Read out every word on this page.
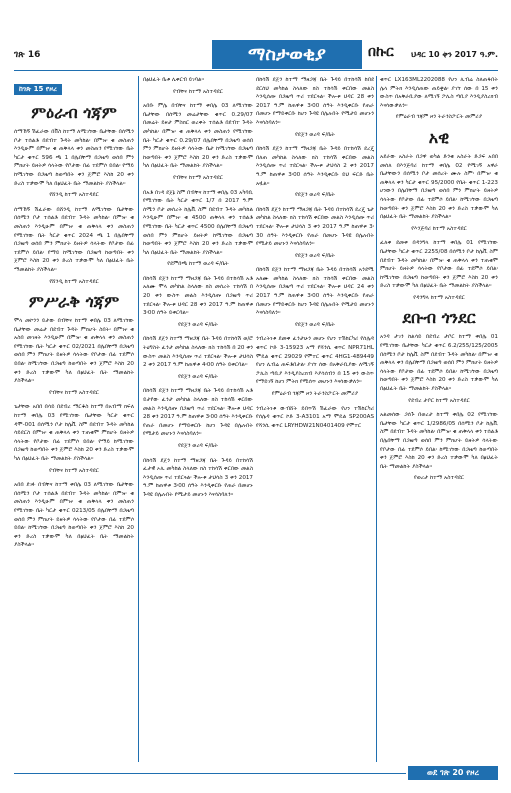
ገጽ 16	ማስታወቂያ	በኩር ህዳር 10 ቀን 2017 ዓ.ም.
ከገጽ 15 የዞረ
ምዕራብ ጎጃም

ሰማኸኝ ሽፈራው በቨስ ከተማ ለሚገኘው ቤታቸው በሰሚን ቦታ ተሰልቶ በደብተ ጉዳት መካከል፡ በምዝ፡ ቁ መስጠን እንዲሁም በምዝ፡ ቁ ጠቅላላ ቀን መስጠን የሚገኘው ቤት ካርታ ቁጥር 596 ጫ 1 በሌበቸማ በጋዜጣ ወሰበ ምን ምክሆት ይዘትዎ ሳላትው የቦታው በፊ ተደምሶ ይበል፡ የማይ ከሚገኘው በጋዜጣ ከወጣበት ቀን ጀምሮ እስከ 20 ቀን ድረስ ተቃውሞ ካለ በፅህፈት ቤት ማመልከት ያስችላል፡፡

የሸንዲ ከተማ አስተዳደር

ሰማኸኝ ሽፈራው በሸንዲ ከተማ ለሚገኘው ቤታቸው በሰሚን ቦታ ተሰልቶ በደብተ ጉዳት መካከል፡ በምዝ፡ ቁ መስጠን እንዲሁም በምዝ፡ ቁ ጠቅላላ ቀን መስጠን የሚገኘው ቤት ካርታ ቁጥር 2024 ጫ 1 በሌበቸማ በጋዜጣ ወሰበ ምን ምክሆት ይዘትዎ ሳላትው የቦታው በፊ ተደምሶ ይበል፡ የማይ ከሚገኘው በጋዜጣ ከወጣበት ቀን ጀምሮ እስከ 20 ቀን ድረስ ተቃውሞ ካለ በፅህፈት ቤት ማመልከት ያስችላል፡፡

የሸንዲ ከተማ አስተዳደር
ምሥራቅ ጎጃም

ሞላ መኮንን ይታው በብቸና ከተማ ቀበሌ 03 ለሚገኘው ቤታቸው መሬታ በደብተ ጉዳት ምክሆት ስበት፡ በምዝ፡ ቁ አስበ መገዛት እንዲሁም በምዝ፡ ቁ ጠቅላላ ቀን መስጠን የሚገኘው ቤት ካርታ ቁጥር 02/2021 በሌበቸማ በጋዜጣ ወሰበ ምን ምክሆት ይዘትዎ ሳላትው የቦታው በፊ ተደምሶ ይበል፡ ከሚገኘው በጋዜጣ ከወጣበት ቀን ጀምሮ እስከ 20 ቀን ድረስ ተቃውሞ ካለ በፅህፈት ቤት ማመልከት ያስችላል፡፡

የብቸና ከተማ አስተዳደር

ጌታቸው አበበ በሳይ በደብረ ማርቆስ ከተማ በአብማ ክፍለ ከተማ ቀበሌ 03 የሚገኘው ቤታቸው ካርታ ቁጥር ዳሞ-001 በሰሚን ቦታ ከሌቪ ስም በደብተ ጉዳት መካከል ሳይደርስ በምዝ፡ ቁ ጠቅላላ ቀን ተጠቁሞ ምክሆት ይዘትዎ ሳላትው የቦታው በፊ ተደምሶ ይበል፡ የማይ ከሚገኘው በጋዜጣ ከወጣበት ቀን ጀምሮ እስከ 20 ቀን ድረስ ተቃውሞ ካለ በፅህፈት ቤት ማመልከት ያስችላል፡፡

የብቸና ከተማ አስተዳደር

አበበ ደገፉ በብቸና ከተማ ቀበሌ 03 ለሚገኘው ቤታቸው በሰሚን ቦታ ተሰልቶ በደብተ ጉዳት መካከል፡ በምዝ፡ ቁ መስጠን እንዲሁም በምዝ፡ ቁ ጠቅላላ ቀን መስጠን የሚገኘው ቤት ካርታ ቁጥር 0213/05 በሌበቸማ በጋዜጣ ወሰበ ምን ምክሆት ይዘትዎ ሳላትው የቦታው በፊ ተደምሶ ይበል፡ ከሚገኘው በጋዜጣ ከወጣበት ቀን ጀምሮ እስከ 20 ቀን ድረስ ተቃውሞ ካለ በፅህፈት ቤት ማመልከት ያስችላል፡፡

በፅህፈት ቤቱ ሊቀርብ ይገባል፡፡

የብቸና ከተማ አስተዳደር

አበቡ ምሌ በብቸና ከተማ ቀበሌ 03 ለሚገኘው ቤታቸው በሰሚን መሬታቸው ቁጥር 0.29/07 በመሬት ይዞታ ምስክር ወረቀት ተሰልቶ በደብተ ጉዳት መካከል፡ በምዝ፡ ቁ ጠቅላላ ቀን መስጠን የሚገኘው ቤት ካርታ ቁጥር 0.29/07 በሌበቸማ በጋዜጣ ወሰበ ምን ምክሆት ይዘትዎ ሳላትው ቤታ ከሚገኘው በጋዜጣ ከወጣበት ቀን ጀምሮ እስከ 20 ቀን ድረስ ተቃውሞ ካለ በፅህፈት ቤት ማመልከት ያስችላል፡፡

የብቸና ከተማ አስተዳደር

በአቶ በገዳ ደጀኔ ስም በብቸና ከተማ ቀበሌ 03 አካባቢ የሚገኘው ቤት ካርታ ቁጥር 1/7 በ 2017 ዓ.ም ሰሚን ቦታ መሰረት ከሌቪ ስም በደብተ ጉዳት መካከል እንዲሁም በምዝ፡ ቁ 4500 ጠቅላላ ቀን ተሰልቶ የሚገኘው ቤት ካርታ ቁጥር 4500 በሌበቸማ በጋዜጣ ወሰበ ምን ምክሆት ይዘትዎ ከሚገኘው በጋዜጣ ከወጣበት ቀን ጀምሮ እስከ 20 ቀን ድረስ ተቃውሞ ካለ በፅህፈት ቤት ማመልከት ያስችላል፡፡

የደምበጫ ከተማ ወረዳ ፍ/ቤት

በከሳሽ ደጀን ከተማ ማዘጋጃ ቤት ጉዳይ በተከሳሽ አቶ አለሙ ሞላ መካከል ስላለው ክስ መሰረት ተከሳሽ በ 20 ቀን ውስጥ መልስ እንዲሰጡ በጋዜጣ ጥሪ ተደርጓል፡ ችሎቱ ህዳር 28 ቀን 2017 ዓ.ም ከጠዋቱ 3፡00 ሰዓት ይቀርባል፡፡

የደጀን ወረዳ ፍ/ቤት

በከሳሽ ደጀን ከተማ ማዘጋጃ ቤት ጉዳይ በተከሳሽ ወ/ሮ ትዕግስት ፈንታ መካከል ስላለው ክስ ተከሳሽ በ 20 ቀን ውስጥ መልስ እንዲሰጡ ጥሪ ተደርጓል፡ ችሎቱ ታህሳስ 2 ቀን 2017 ዓ.ም ከጠዋቱ 4፡00 ሰዓት ይቀርባል፡፡

የደጀን ወረዳ ፍ/ቤት

በከሳሽ ደጀን ከተማ ማዘጋጃ ቤት ጉዳይ በተከሳሽ አቶ ይታየው ፈንታ መካከል ስላለው ክስ ተከሳሽ ቀርበው መልስ እንዲሰጡ በጋዜጣ ጥሪ ተደርጓል፡ ችሎቱ ህዳር 28 ቀን 2017 ዓ.ም ከጠዋቱ 3፡00 ሰዓት እንዲቀርቡ የጠራ በመሆኑ የማይቀርቡ ከሆነ ጉዳዩ በሌሉበት የሚታይ መሆኑን እናሳስባለን፡፡

የደጀን ወረዳ ፍ/ቤት

በከሳሽ ደጀን ከተማ ማዘጋጃ ቤት ጉዳይ በተከሳሽ ፈታዊ ኦሊ መካከል ስላለው ክስ ተከሳሽ ቀርበው መልስ እንዲሰጡ ጥሪ ተደርጓል፡ ችሎቱ ታህሳስ 3 ቀን 2017 ዓ.ም ከጠዋቱ 3፡00 ሰዓት እንዲቀርቡ የጠራ በመሆኑ ጉዳዩ በሌሉበት የሚታይ መሆኑን እናሳስባለን፡፡

በከሳሽ ደጀን ከተማ ማዘጋጃ ቤት ጉዳይ በተከሳሽ ከበደ ደርሰህ መካከል ስላለው ክስ ተከሳሽ ቀርበው መልስ እንዲሰጡ በጋዜጣ ጥሪ ተደርጓል፡ ችሎቱ ህዳር 28 ቀን 2017 ዓ.ም ከጠዋቱ 3፡00 ሰዓት እንዲቀርቡ የጠራ በመሆኑ የማይቀርቡ ከሆነ ጉዳዩ በሌሉበት የሚታይ መሆኑን እናሳስባለን፡፡

የደጀን ወረዳ ፍ/ቤት

በከሳሽ ደጀን ከተማ ማዘጋጃ ቤት ጉዳይ በተከሳሽ ደረጄ በለጠ መካከል ስላለው ክስ ተከሳሽ ቀርበው መልስ እንዲሰጡ ጥሪ ተደርጓል፡ ችሎቱ ታህሳስ 2 ቀን 2017 ዓ.ም ከጠዋቱ 3፡00 ሰዓት እንዲቀርቡ ይህ ፍርድ ቤት አዟል፡፡

የደጀን ወረዳ ፍ/ቤት

በከሳሽ ደጀን ከተማ ማዘጋጃ ቤት ጉዳይ በተከሳሽ ደረጄ ጌታ መካከል ስላለው ክስ ተከሳሽ ቀርበው መልስ እንዲሰጡ ጥሪ ተደርጓል፡ ችሎቱ ታህሳስ 3 ቀን 2017 ዓ.ም ከጠዋቱ 3፡30 ሰዓት እንዲቀርቡ የጠራ በመሆኑ ጉዳዩ በሌሉበት የሚታይ መሆኑን እናሳስባለን፡፡

የደጀን ወረዳ ፍ/ቤት

በከሳሽ ደጀን ከተማ ማዘጋጃ ቤት ጉዳይ በተከሳሽ አንደሚ አለሙ መካከል ስላለው ክስ ተከሳሽ ቀርበው መልስ እንዲሰጡ በጋዜጣ ጥሪ ተደርጓል፡ ችሎቱ ህዳር 24 ቀን 2017 ዓ.ም ከጠዋቱ 3፡00 ሰዓት እንዲቀርቡ የጠራ በመሆኑ የማይቀርቡ ከሆነ ጉዳዩ በሌሉበት የሚታይ መሆኑን እናሳስባለን፡፡

የደጀን ወረዳ ፍ/ቤት

ንብረትነቱ ደመቀ ፈንታሁን መሆኑ የሆነ ተሽከርካሪ የሰሌዳ ቁጥር ኮድ 3-15923 አማ የሻንሲ ቁጥር NPR71HL ሞዴል ቁጥር 29029 የሞተር ቁጥር 4HG1-489449 የሆነ ሊብሬ ጠፍቶበታል፡ ያገኘ ሰው በአቅራቢያው ለሚገኝ ፖሊስ ጣቢያ እንዲያስረክብ እያሳሰብን በ 15 ቀን ውስጥ የማይገኝ ከሆነ ምትክ የሚሰጥ መሆኑን እናሳውቃለን፡፡

የምዕራብ ጎጃም ዞን ትራንስፖርት መምሪያ

ንብረትነቱ ውብሸት ይበጥሽ ሽፈራው የሆነ ተሽከርካሪ የሰሌዳ ቁጥር ኮድ 3-A3101 አማ ሞዴል SP200AS የሻንሲ ቁጥር LRYHDW21N0401409 የሞተር

ቁጥር LX163ML2202088 የሆነ ሊብሬ ስለጠፋበት ሌላ ምትክ እንዲሰጠው ጠይቋል፡ ያገኘ ሰው በ 15 ቀን ውስጥ በአቅራቢያው ለሚገኝ ፖሊስ ጣቢያ እንዲያስረክብ እናሳውቃለን፡፡

የምዕራብ ጎጃም ዞን ትራንስፖርት መምሪያ
አዊ

አደራው አስራት በጋዋ ወካል ድንቁ አስራት ድጋፍ አበበ መሰለ በእንጅባሪ ከተማ ቀበሌ 02 የሚገኝ አዋራ ቤታቸውን በሰሚን ቦታ መሰረት ሙሉ ስም፡ በምዝ፡ ቁ ጠቅላላ ቀን ካርታ ቁጥር 95/2000 የቤት ቁጥር 1-223 ሆነውን በሌበቸማ በጋዜጣ ወሰበ ምን ምክሆት ይዘትዎ ሳላትው የቦታው በፊ ተደምሶ ይበል፡ ከሚገኘው በጋዜጣ ከወጣበት ቀን ጀምሮ እስከ 20 ቀን ድረስ ተቃውሞ ካለ በፅህፈት ቤት ማመልከት ያስችላል፡፡

የእንጅባሪ ከተማ አስተዳደር

ፈለቀ ደመቀ በዳንግላ ከተማ ቀበሌ 01 የሚገኘው ቤታቸው ካርታ ቁጥር 2255/08 በሰሚን ቦታ ከሌቪ ስም በደብተ ጉዳት መካከል፡ በምዝ፡ ቁ ጠቅላላ ቀን ተጠቁሞ ምክሆት ይዘትዎ ሳላትው የቦታው በፊ ተደምሶ ይበል፡ ከሚገኘው በጋዜጣ ከወጣበት ቀን ጀምሮ እስከ 20 ቀን ድረስ ተቃውሞ ካለ በፅህፈት ቤት ማመልከት ያስችላል፡፡

የዳንግላ ከተማ አስተዳደር
ደቡብ ጎንደር

አንዳ ታገን ከልሳይ በደብረ ታቦር ከተማ ቀበሌ 01 የሚገኘው ቤታቸው ካርታ ቁጥር 6.2/255/125/2005 በሰሚን ቦታ ከሌቪ ስም በደብተ ጉዳት መካከል፡ በምዝ፡ ቁ ጠቅላላ ቀን በሌበቸማ በጋዜጣ ወሰበ ምን ምክሆት ይዘትዎ ሳላትው የቦታው በፊ ተደምሶ ይበል፡ ከሚገኘው በጋዜጣ ከወጣበት ቀን ጀምሮ እስከ 20 ቀን ድረስ ተቃውሞ ካለ በፅህፈት ቤት ማመልከት ያስችላል፡፡

የደብረ ታቦር ከተማ አስተዳደር

አልመሰው ጋሰጉ በወረታ ከተማ ቀበሌ 02 የሚገኘው ቤታቸው ካርታ ቁጥር 1/2986/05 በሰሚን ቦታ ከሌቪ ስም በደብተ ጉዳት መካከል፡ በምዝ፡ ቁ ጠቅላላ ቀን ተሰልቶ በሌበቸማ በጋዜጣ ወሰበ ምን ምክሆት ይዘትዎ ሳላትው የቦታው በፊ ተደምሶ ይበል፡ ከሚገኘው በጋዜጣ ከወጣበት ቀን ጀምሮ እስከ 20 ቀን ድረስ ተቃውሞ ካለ በፅህፈት ቤት ማመልከት ያስችላል፡፡

የወረታ ከተማ አስተዳደር
ወደ ገጽ 20 የዞረ
